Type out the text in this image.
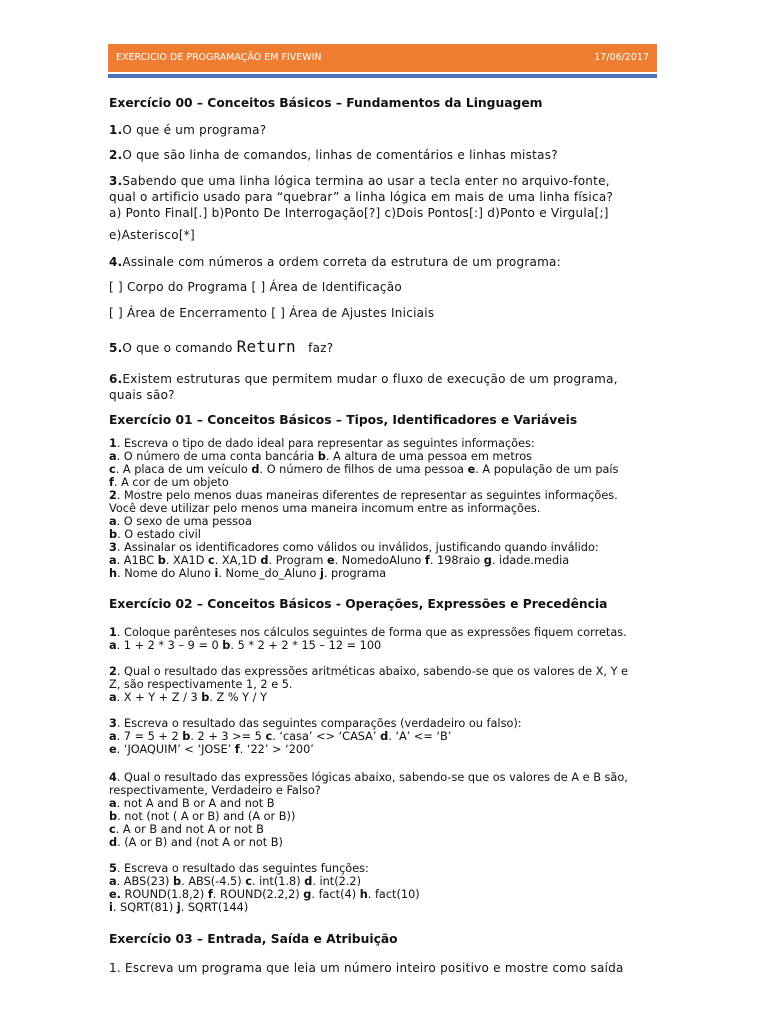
EXERCICIO DE PROGRAMAÇÃO EM FIVEWIN	17/06/2017
Exercício 00 – Conceitos Básicos – Fundamentos da Linguagem
1.O que é um programa?
2.O que são linha de comandos, linhas de comentários e linhas mistas?
3.Sabendo que uma linha lógica termina ao usar a tecla enter no arquivo-fonte,
qual o artificio usado para “quebrar” a linha lógica em mais de uma linha física?
a) Ponto Final[.] b)Ponto De Interrogação[?] c)Dois Pontos[:] d)Ponto e Virgula[;]
e)Asterisco[*]
4.Assinale com números a ordem correta da estrutura de um programa:
[ ] Corpo do Programa [ ] Área de Identificação
[ ] Área de Encerramento [ ] Área de Ajustes Iniciais
5.O que o comando Return faz?
6.Existem estruturas que permitem mudar o fluxo de execução de um programa,
quais são?
Exercício 01 – Conceitos Básicos – Tipos, Identificadores e Variáveis
1. Escreva o tipo de dado ideal para representar as seguintes informações:
a. O número de uma conta bancária b. A altura de uma pessoa em metros
c. A placa de um veículo d. O número de filhos de uma pessoa e. A população de um país
f. A cor de um objeto
2. Mostre pelo menos duas maneiras diferentes de representar as seguintes informações.
Você deve utilizar pelo menos uma maneira incomum entre as informações.
a. O sexo de uma pessoa
b. O estado civil
3. Assinalar os identificadores como válidos ou inválidos, justificando quando inválido:
a. A1BC b. XA1D c. XA,1D d. Program e. NomedoAluno f. 198raio g. idade.media
h. Nome do Aluno i. Nome_do_Aluno j. programa
Exercício 02 – Conceitos Básicos - Operações, Expressões e Precedência
1. Coloque parênteses nos cálculos seguintes de forma que as expressões fiquem corretas.
a. 1 + 2 * 3 – 9 = 0 b. 5 * 2 + 2 * 15 – 12 = 100
2. Qual o resultado das expressões aritméticas abaixo, sabendo-se que os valores de X, Y e
Z, são respectivamente 1, 2 e 5.
a. X + Y + Z / 3 b. Z % Y / Y
3. Escreva o resultado das seguintes comparações (verdadeiro ou falso):
a. 7 = 5 + 2 b. 2 + 3 >= 5 c. ‘casa’ <> ‘CASA’ d. ‘A’ <= ‘B’
e. ‘JOAQUIM’ < ‘JOSE’ f. ‘22’ > ‘200’
4. Qual o resultado das expressões lógicas abaixo, sabendo-se que os valores de A e B são,
respectivamente, Verdadeiro e Falso?
a. not A and B or A and not B
b. not (not ( A or B) and (A or B))
c. A or B and not A or not B
d. (A or B) and (not A or not B)
5. Escreva o resultado das seguintes funções:
a. ABS(23) b. ABS(-4.5) c. int(1.8) d. int(2.2)
e. ROUND(1.8,2) f. ROUND(2.2,2) g. fact(4) h. fact(10)
i. SQRT(81) j. SQRT(144)
Exercício 03 – Entrada, Saída e Atribuição
1. Escreva um programa que leia um número inteiro positivo e mostre como saída
